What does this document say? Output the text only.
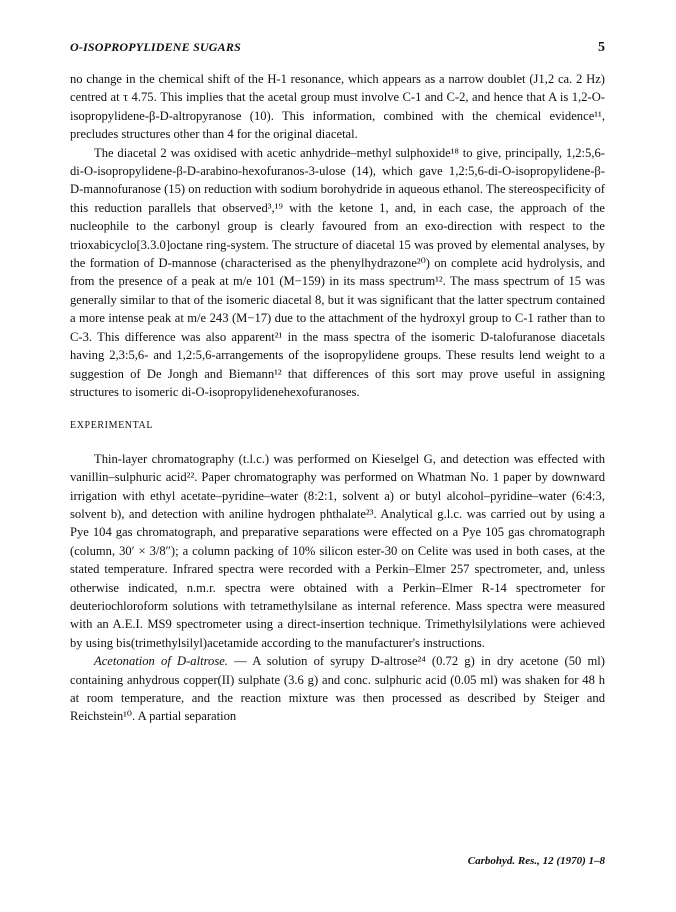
O-ISOPROPYLIDENE SUGARS	5

no change in the chemical shift of the H-1 resonance, which appears as a narrow doublet (J1,2 ca. 2 Hz) centred at τ 4.75. This implies that the acetal group must involve C-1 and C-2, and hence that A is 1,2-O-isopropylidene-β-D-altropyranose (10). This information, combined with the chemical evidence¹¹, precludes structures other than 4 for the original diacetal.

The diacetal 2 was oxidised with acetic anhydride–methyl sulphoxide¹⁸ to give, principally, 1,2:5,6-di-O-isopropylidene-β-D-arabino-hexofuranos-3-ulose (14), which gave 1,2:5,6-di-O-isopropylidene-β-D-mannofuranose (15) on reduction with sodium borohydride in aqueous ethanol. The stereospecificity of this reduction parallels that observed³,¹⁹ with the ketone 1, and, in each case, the approach of the nucleophile to the carbonyl group is clearly favoured from an exo-direction with respect to the trioxabicyclo[3.3.0]octane ring-system. The structure of diacetal 15 was proved by elemental analyses, by the formation of D-mannose (characterised as the phenylhydrazone²⁰) on complete acid hydrolysis, and from the presence of a peak at m/e 101 (M−159) in its mass spectrum¹². The mass spectrum of 15 was generally similar to that of the isomeric diacetal 8, but it was significant that the latter spectrum contained a more intense peak at m/e 243 (M−17) due to the attachment of the hydroxyl group to C-1 rather than to C-3. This difference was also apparent²¹ in the mass spectra of the isomeric D-talofuranose diacetals having 2,3:5,6- and 1,2:5,6-arrangements of the isopropylidene groups. These results lend weight to a suggestion of De Jongh and Biemann¹² that differences of this sort may prove useful in assigning structures to isomeric di-O-isopropylidenehexofuranoses.

EXPERIMENTAL

Thin-layer chromatography (t.l.c.) was performed on Kieselgel G, and detection was effected with vanillin–sulphuric acid²². Paper chromatography was performed on Whatman No. 1 paper by downward irrigation with ethyl acetate–pyridine–water (8:2:1, solvent a) or butyl alcohol–pyridine–water (6:4:3, solvent b), and detection with aniline hydrogen phthalate²³. Analytical g.l.c. was carried out by using a Pye 104 gas chromatograph, and preparative separations were effected on a Pye 105 gas chromatograph (column, 30′ × 3/8″); a column packing of 10% silicon ester-30 on Celite was used in both cases, at the stated temperature. Infrared spectra were recorded with a Perkin–Elmer 257 spectrometer, and, unless otherwise indicated, n.m.r. spectra were obtained with a Perkin–Elmer R-14 spectrometer for deuteriochloroform solutions with tetramethylsilane as internal reference. Mass spectra were measured with an A.E.I. MS9 spectrometer using a direct-insertion technique. Trimethylsilylations were achieved by using bis(trimethylsilyl)acetamide according to the manufacturer's instructions.

Acetonation of D-altrose. — A solution of syrupy D-altrose²⁴ (0.72 g) in dry acetone (50 ml) containing anhydrous copper(II) sulphate (3.6 g) and conc. sulphuric acid (0.05 ml) was shaken for 48 h at room temperature, and the reaction mixture was then processed as described by Steiger and Reichstein¹⁰. A partial separation

Carbohyd. Res., 12 (1970) 1–8
